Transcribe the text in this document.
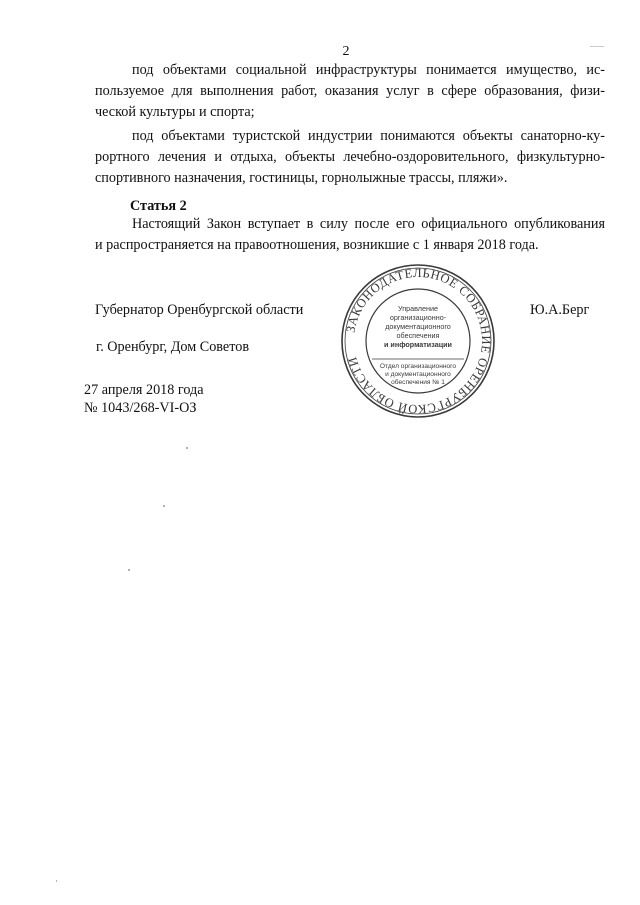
2
под объектами социальной инфраструктуры понимается имущество, ис-
пользуемое для выполнения работ, оказания услуг в сфере образования, физи-
ческой культуры и спорта;
под объектами туристской индустрии понимаются объекты санаторно-ку-
рортного лечения и отдыха, объекты лечебно-оздоровительного, физкультурно-
спортивного назначения, гостиницы, горнолыжные трассы, пляжи».
Статья 2
Настоящий Закон вступает в силу после его официального опубликования
и распространяется на правоотношения, возникшие с 1 января 2018 года.
Губернатор Оренбургской области	Ю.А.Берг
г. Оренбург, Дом Советов
27 апреля 2018 года
№ 1043/268-VI-ОЗ
ЗАКОНОДАТЕЛЬНОЕ СОБРАНИЕ ОРЕНБУРГСКОЙ ОБЛАСТИ
Управление
организационно-
документационного
обеспечения
и информатизации
Отдел организационного
и документационного
обеспечения № 1
